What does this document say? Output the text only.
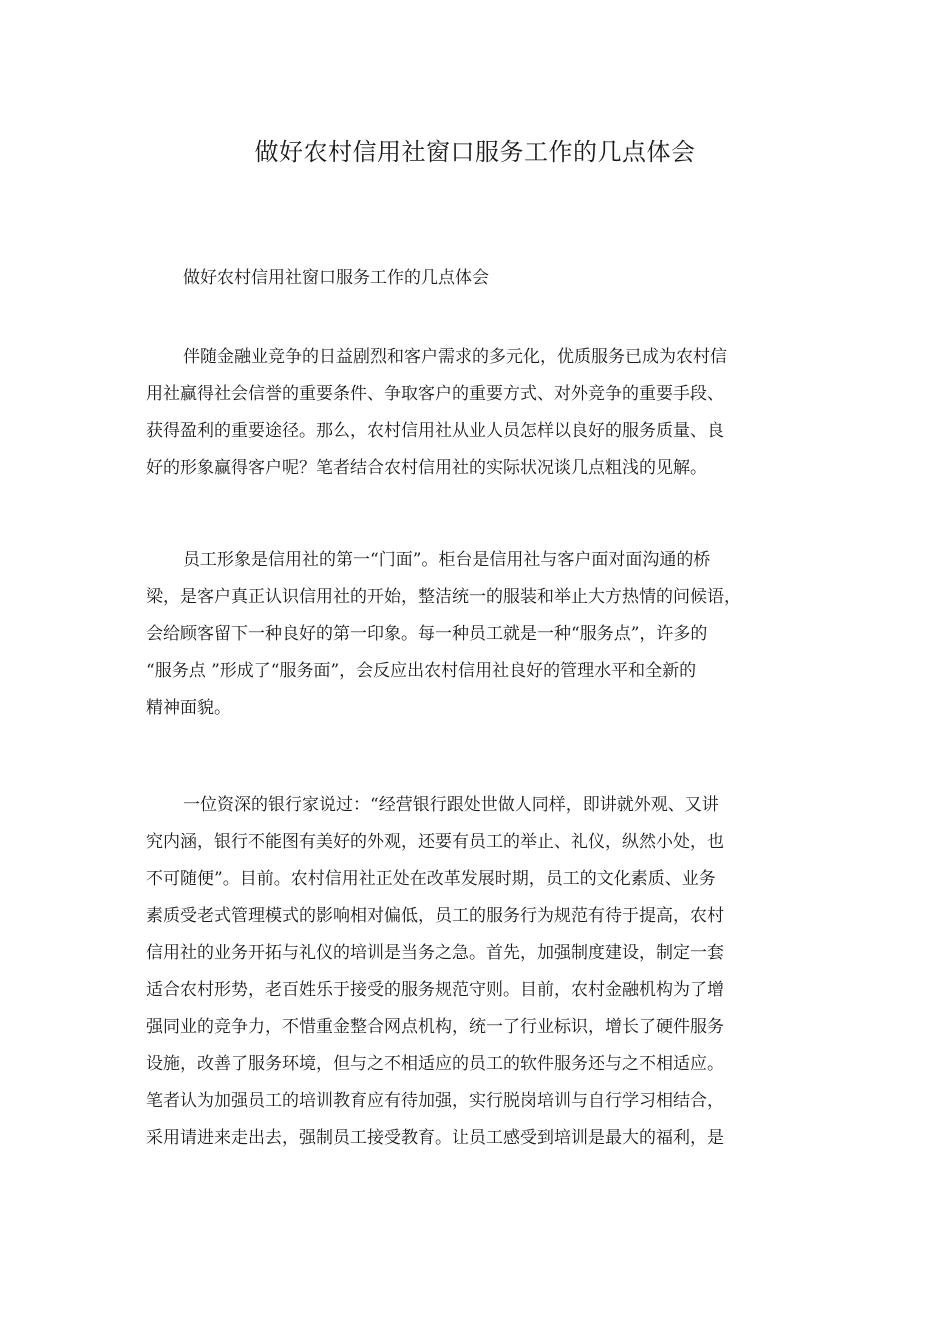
做好农村信用社窗口服务工作的几点体会

做好农村信用社窗口服务工作的几点体会

伴随金融业竞争的日益剧烈和客户需求的多元化，优质服务已成为农村信
用社赢得社会信誉的重要条件、争取客户的重要方式、对外竞争的重要手段、
获得盈利的重要途径。那么，农村信用社从业人员怎样以良好的服务质量、良
好的形象赢得客户呢？笔者结合农村信用社的实际状况谈几点粗浅的见解。
员工形象是信用社的第一“门面”。柜台是信用社与客户面对面沟通的桥
梁，是客户真正认识信用社的开始，整洁统一的服装和举止大方热情的问候语，
会给顾客留下一种良好的第一印象。每一种员工就是一种“服务点”，许多的
“服务点 ”形成了“服务面”，会反应出农村信用社良好的管理水平和全新的
精神面貌。
一位资深的银行家说过：“经营银行跟处世做人同样，即讲就外观、又讲
究内涵，银行不能图有美好的外观，还要有员工的举止、礼仪，纵然小处，也
不可随便”。目前。农村信用社正处在改革发展时期，员工的文化素质、业务
素质受老式管理模式的影响相对偏低，员工的服务行为规范有待于提高，农村
信用社的业务开拓与礼仪的培训是当务之急。首先，加强制度建设，制定一套
适合农村形势，老百姓乐于接受的服务规范守则。目前，农村金融机构为了增
强同业的竞争力，不惜重金整合网点机构，统一了行业标识，增长了硬件服务
设施，改善了服务环境，但与之不相适应的员工的软件服务还与之不相适应。
笔者认为加强员工的培训教育应有待加强，实行脱岗培训与自行学习相结合，
采用请进来走出去，强制员工接受教育。让员工感受到培训是最大的福利，是
